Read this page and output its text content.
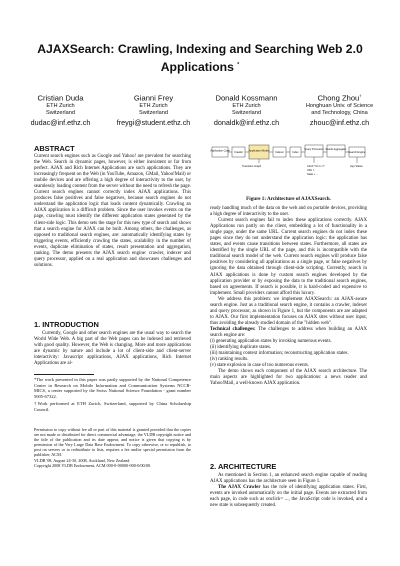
AJAXSearch: Crawling, Indexing and Searching Web 2.0
Applications *
Cristian Duda
ETH Zurich
Switzerland
dudac@inf.ethz.ch
Gianni Frey
ETH Zurich
Switzerland
freygi@student.ethz.ch
Donald Kossmann
ETH Zurich
Switzerland
donaldk@inf.ethz.ch
Chong Zhou†
Honghuan Univ. of Science
and Technology, China
zhouc@inf.ethz.ch
ABSTRACT

Current search engines such as Google and Yahoo! are prevalent for searching the Web. Search in dynamic pages, however, is either inexistent or far from perfect. AJAX and Rich Internet Applications are such applications. They are increasingly frequent on the Web (in YouTube, Amazon, GMail, Yahoo!Mail) or mobile devices and are offering a high degree of interactivity to the user, by seamlessly loading content from the server without the need to refresh the page. Current search engines cannot correctly index AJAX applications. This produces false positives and false negatives, because search engines do not understand the application logic that loads content dynamically. Crawling an AJAX application is a difficult problem. Since the user invokes events on the page, crawling must identify the different application states generated by the client-side logic. This demo sets the stage for this new type of search and shows that a search engine for AJAX can be built. Among others, the challenges, as opposed to traditional search engines, are: automatically identifying states by triggering events, efficiently crawling the states, scalability in the number of events, duplicate elimination of states, result presentation and aggregation, ranking. The demo presents the AJAX search engine: crawler, indexer and query processor, applied on a real application and showcases challenges and solutions.

1. INTRODUCTION
Currently, Google and other search engines are the usual way to search the World Wide Web. A big part of the Web pages can be indexed and retrieved with good quality. However, the Web is changing. More and more applications are dynamic by nature and include a lot of client-side and client-server interactivity: Javascript applications, AJAX applications, Rich Internet Applications are al-
*The work presented in this paper was partly supported by the National Competence Center in Research on Mobile Information and Communication Systems NCCR-MICS, a center supported by the Swiss National Science Foundation - grant number 5005-67322.
†Work performed at ETH Zurich, Switzerland, supported by China Scholarship Council.
Permission to copy without fee all or part of this material is granted provided that the copies are not made or distributed for direct commercial advantage, the VLDB copyright notice and the title of the publication and its date appear, and notice is given that copying is by permission of the Very Large Data Base Endowment. To copy otherwise, or to republish, to post on servers or to redistribute to lists, requires a fee and/or special permission from the publisher, ACM.
VLDB '08, August 24-30, 2008, Auckland, New Zealand
Copyright 2008 VLDB Endowment, ACM 000-0-00000-000-0/00/00.
Application Code Crawler Application Model Indexer	Index
Query Processor Result Aggregator
Search Engine
Transition Graph	AJAX *UI re =?
URL =
State + ...
App States
Figure 1: Architecture of AJAXSearch.

ready handling much of the data on the web and on portable devices, providing a high degree of interactivity to the user.

Current search engines fail to index these applications correctly. AJAX Applications run partly on the client, embedding a lot of functionality in a single page, under the same URL. Current search engines do not index these pages since they do not understand the application logic: the application has states, and events cause transitions between states. Furthermore, all states are identified by the single URL of the page, and this is incompatible with the traditional search model of the web. Current search engines will produce false positives by considering all applications as a single page, or false negatives by ignoring the data obtained through client-side scripting. Currently, search in AJAX applications is done by custom search engines developed by the application provider or by exposing the data to the traditional search engines, based on agreements. If search is possible, it is hard-coded and expensive to implement. Small providers cannot afford this luxury.

We address this problem: we implement AJAXSearch: an AJAX-aware search engine. Just as a traditional search engine, it contains a crawler, indexer and query processor, as shown in Figure 1, but the components are are adapted to AJAX. Our first implementation focuses on AJAX sites without user input, thus avoiding the already studied domain of the "hidden web".

Technical challenges: The challenges to address when building an AJAX search engine are:

(i) generating application states by invoking numerous events.

(ii) identifying duplicate states.

(iii) maintaining context information; reconstructing application states.

(iv) ranking results.

(v) state explosion in case of too numerous events.

The demo shows each component of the AJAX search architecture. The main aspects are highlighted for two applications: a news reader and Yahoo!Mail, a well-known AJAX application.

2. ARCHITECTURE

As mentioned in Section 1, an enhanced search engine capable of reading AJAX applications has the architecture seen in Figure 1.

The AJAX Crawler has the role of identifying application states. First, events are invoked automatically on the initial page. Events are extracted from each page, in code such as onclick= ..., the JavaScript code is invoked, and a new state is subsequently created.
